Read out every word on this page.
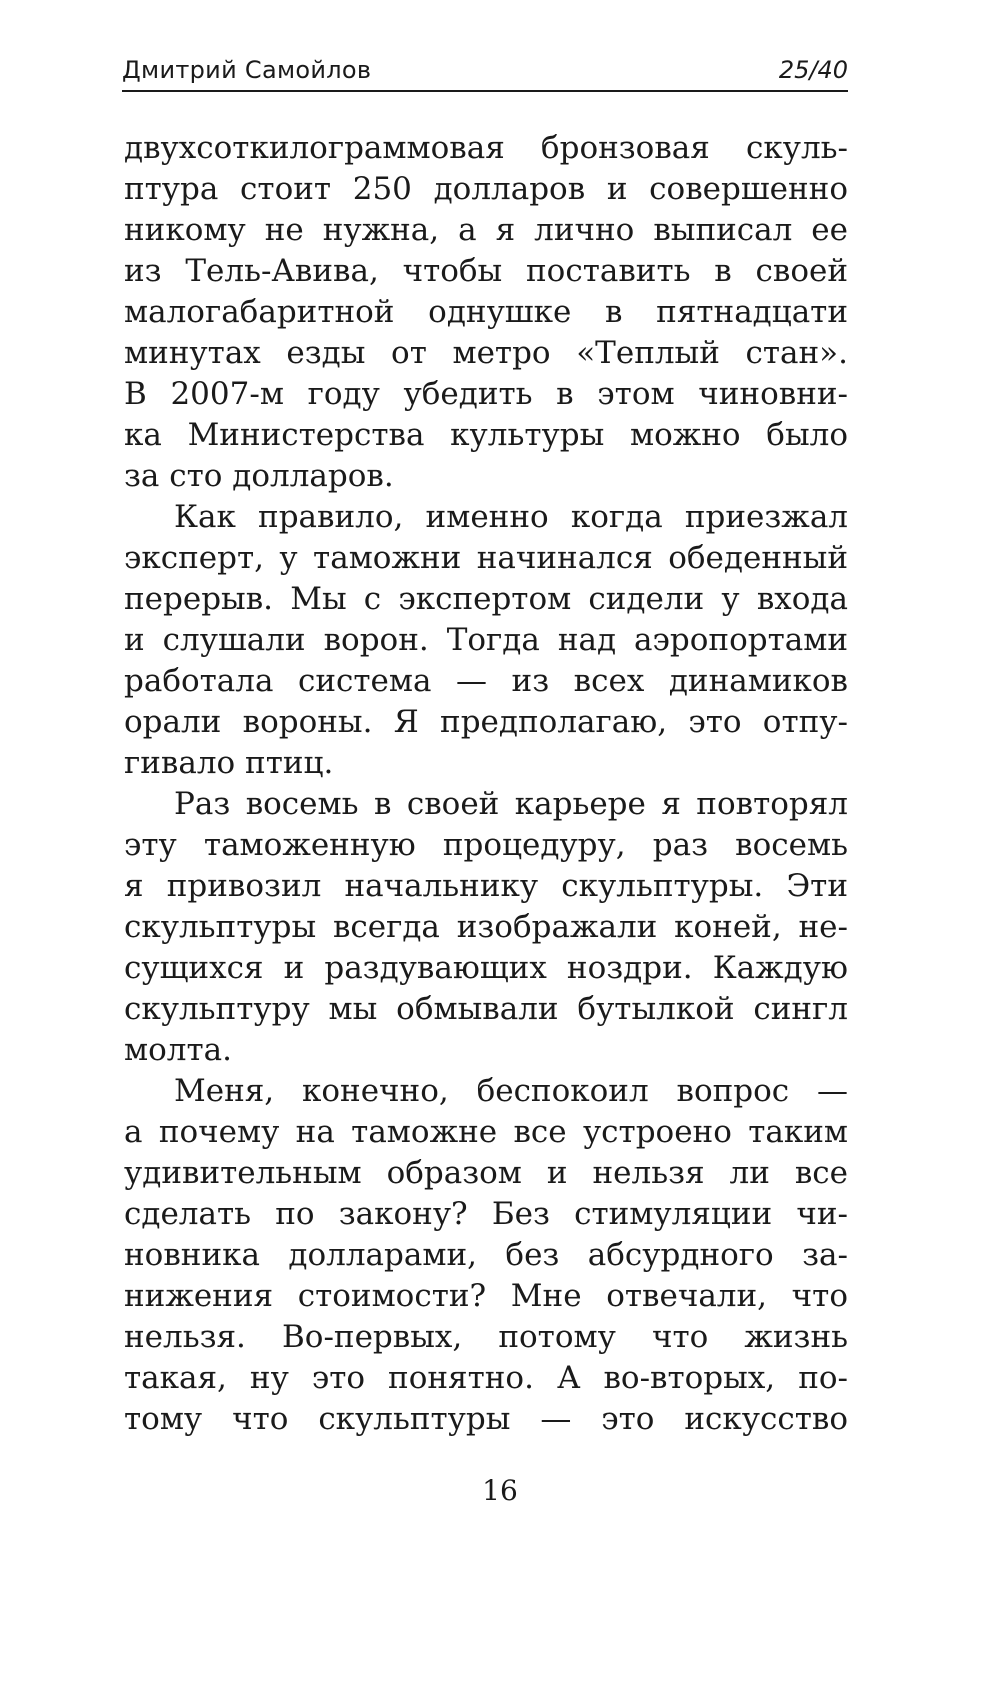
Дмитрий Самойлов	25/40
двухсоткилограммовая бронзовая скуль-
птура стоит 250 долларов и совершенно
никому не нужна, а я лично выписал ее
из Тель-Авива, чтобы поставить в своей
малогабаритной однушке в пятнадцати
минутах езды от метро «Теплый стан».
В 2007-м году убедить в этом чиновни-
ка Министерства культуры можно было
за сто долларов.
Как правило, именно когда приезжал
эксперт, у таможни начинался обеденный
перерыв. Мы с экспертом сидели у входа
и слушали ворон. Тогда над аэропортами
работала система — из всех динамиков
орали вороны. Я предполагаю, это отпу-
гивало птиц.
Раз восемь в своей карьере я повторял
эту таможенную процедуру, раз восемь
я привозил начальнику скульптуры. Эти
скульптуры всегда изображали коней, не-
сущихся и раздувающих ноздри. Каждую
скульптуру мы обмывали бутылкой сингл
молта.
Меня, конечно, беспокоил вопрос —
а почему на таможне все устроено таким
удивительным образом и нельзя ли все
сделать по закону? Без стимуляции чи-
новника долларами, без абсурдного за-
нижения стоимости? Мне отвечали, что
нельзя. Во-первых, потому что жизнь
такая, ну это понятно. А во-вторых, по-
тому что скульптуры — это искусство
16
